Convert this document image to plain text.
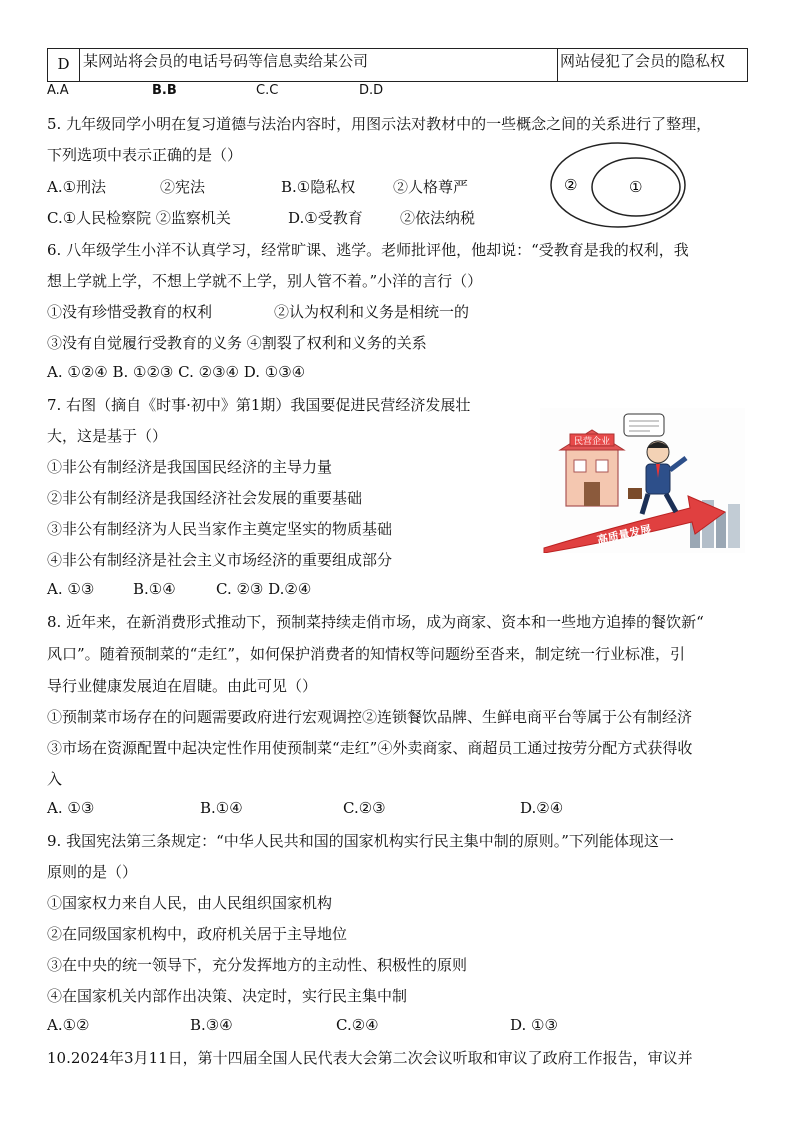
D 某网站将会员的电话号码等信息卖给某公司	网站侵犯了会员的隐私权
A.A	B.B	C.C	D.D
5. 九年级同学小明在复习道德与法治内容时，用图示法对教材中的一些概念之间的关系进行了整理，
下列选项中表示正确的是（）
A.①刑法	②宪法	B.①隐私权	②人格尊严
C.①人民检察院 ②监察机关	D.①受教育 ②依法纳税
②	①
6. 八年级学生小洋不认真学习，经常旷课、逃学。老师批评他，他却说：“受教育是我的权利，我
想上学就上学，不想上学就不上学，别人管不着。”小洋的言行（）
①没有珍惜受教育的权利	②认为权利和义务是相统一的
③没有自觉履行受教育的义务 ④割裂了权利和义务的关系
A. ①②④ B. ①②③ C. ②③④ D. ①③④
7. 右图（摘自《时事·初中》第1期）我国要促进民营经济发展壮
大，这是基于（）
①非公有制经济是我国国民经济的主导力量
②非公有制经济是我国经济社会发展的重要基础
③非公有制经济为人民当家作主奠定坚实的物质基础
④非公有制经济是社会主义市场经济的重要组成部分
A. ①③	B.①④	C. ②③ D.②④
高质量发展
民营企业
8. 近年来，在新消费形式推动下，预制菜持续走俏市场，成为商家、资本和一些地方追捧的餐饮新“
风口”。随着预制菜的“走红”，如何保护消费者的知情权等问题纷至沓来，制定统一行业标准，引
导行业健康发展迫在眉睫。由此可见（）
①预制菜市场存在的问题需要政府进行宏观调控②连锁餐饮品牌、生鲜电商平台等属于公有制经济
③市场在资源配置中起决定性作用使预制菜“走红”④外卖商家、商超员工通过按劳分配方式获得收
入
A. ①③	B.①④	C.②③	D.②④
9. 我国宪法第三条规定：“中华人民共和国的国家机构实行民主集中制的原则。”下列能体现这一
原则的是（）
①国家权力来自人民，由人民组织国家机构
②在同级国家机构中，政府机关居于主导地位
③在中央的统一领导下，充分发挥地方的主动性、积极性的原则
④在国家机关内部作出决策、决定时，实行民主集中制
A.①②	B.③④	C.②④	D. ①③
10.2024年3月11日，第十四届全国人民代表大会第二次会议听取和审议了政府工作报告，审议并
